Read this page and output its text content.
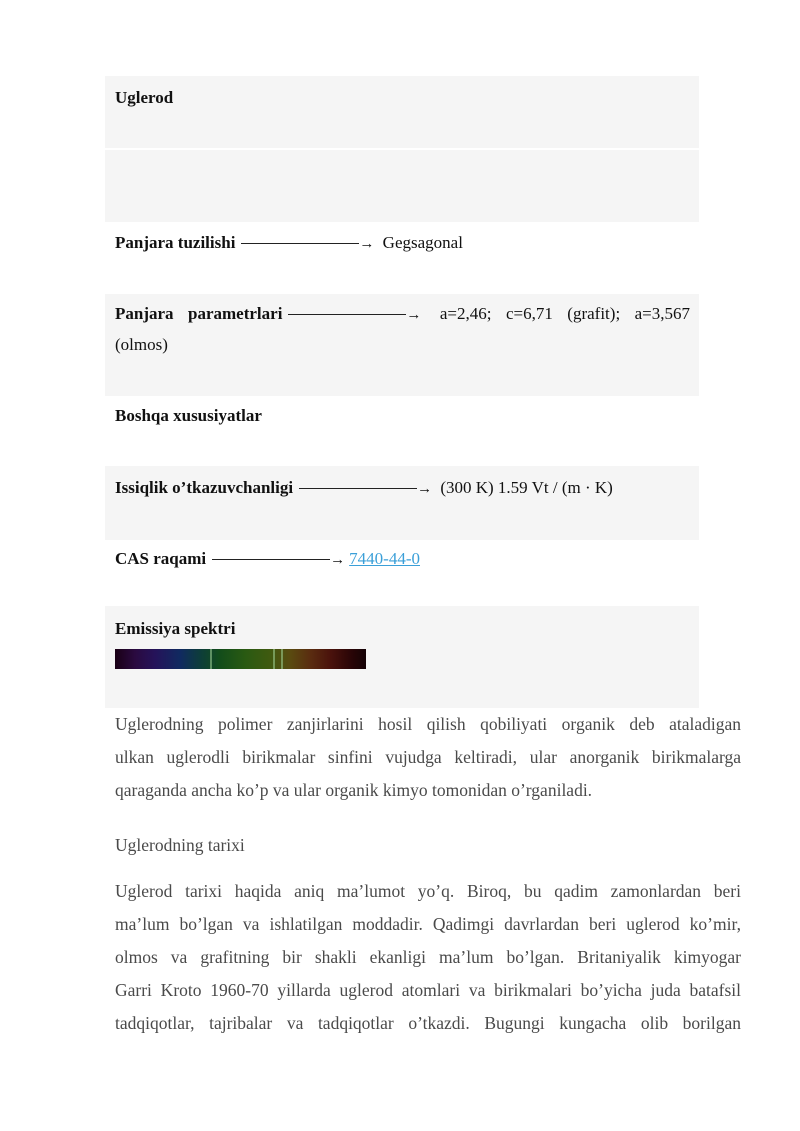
Uglerod
Panjara tuzilishi	→ Gegsagonal
Panjara parametrlari	→ a=2,46; c=6,71 (grafit); a=3,567
(olmos)
Boshqa xususiyatlar
Issiqlik o’tkazuvchanligi	→ (300 K) 1.59 Vt / (m · K)
CAS raqami	→ 7440-44-0
Emissiya spektri
Uglerodning polimer zanjirlarini hosil qilish qobiliyati organik deb ataladigan
ulkan uglerodli birikmalar sinfini vujudga keltiradi, ular anorganik birikmalarga
qaraganda ancha ko’p va ular organik kimyo tomonidan o’rganiladi.
Uglerodning tarixi
Uglerod tarixi haqida aniq ma’lumot yo’q. Biroq, bu qadim zamonlardan beri
ma’lum bo’lgan va ishlatilgan moddadir. Qadimgi davrlardan beri uglerod ko’mir,
olmos va grafitning bir shakli ekanligi ma’lum bo’lgan. Britaniyalik kimyogar
Garri Kroto 1960-70 yillarda uglerod atomlari va birikmalari bo’yicha juda batafsil
tadqiqotlar, tajribalar va tadqiqotlar o’tkazdi. Bugungi kungacha olib borilgan
